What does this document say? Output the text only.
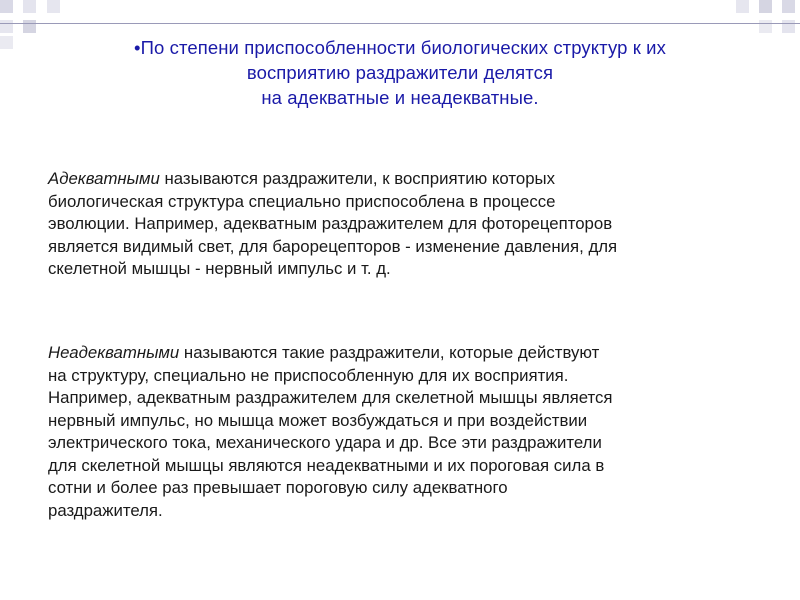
•По степени приспособленности биологических структур к их
восприятию раздражители делятся
на адекватные и неадекватные.
Адекватными называются раздражители, к восприятию которых
биологическая структура специально приспособлена в процессе
эволюции. Например, адекватным раздражителем для фоторецепторов
является видимый свет, для барорецепторов - изменение давления, для
скелетной мышцы - нервный импульс и т. д.
Неадекватными называются такие раздражители, которые действуют
на структуру, специально не приспособленную для их восприятия.
Например, адекватным раздражителем для скелетной мышцы является
нервный импульс, но мышца может возбуждаться и при воздействии
электрического тока, механического удара и др. Все эти раздражители
для скелетной мышцы являются неадекватными и их пороговая сила в
сотни и более раз превышает пороговую силу адекватного
раздражителя.
